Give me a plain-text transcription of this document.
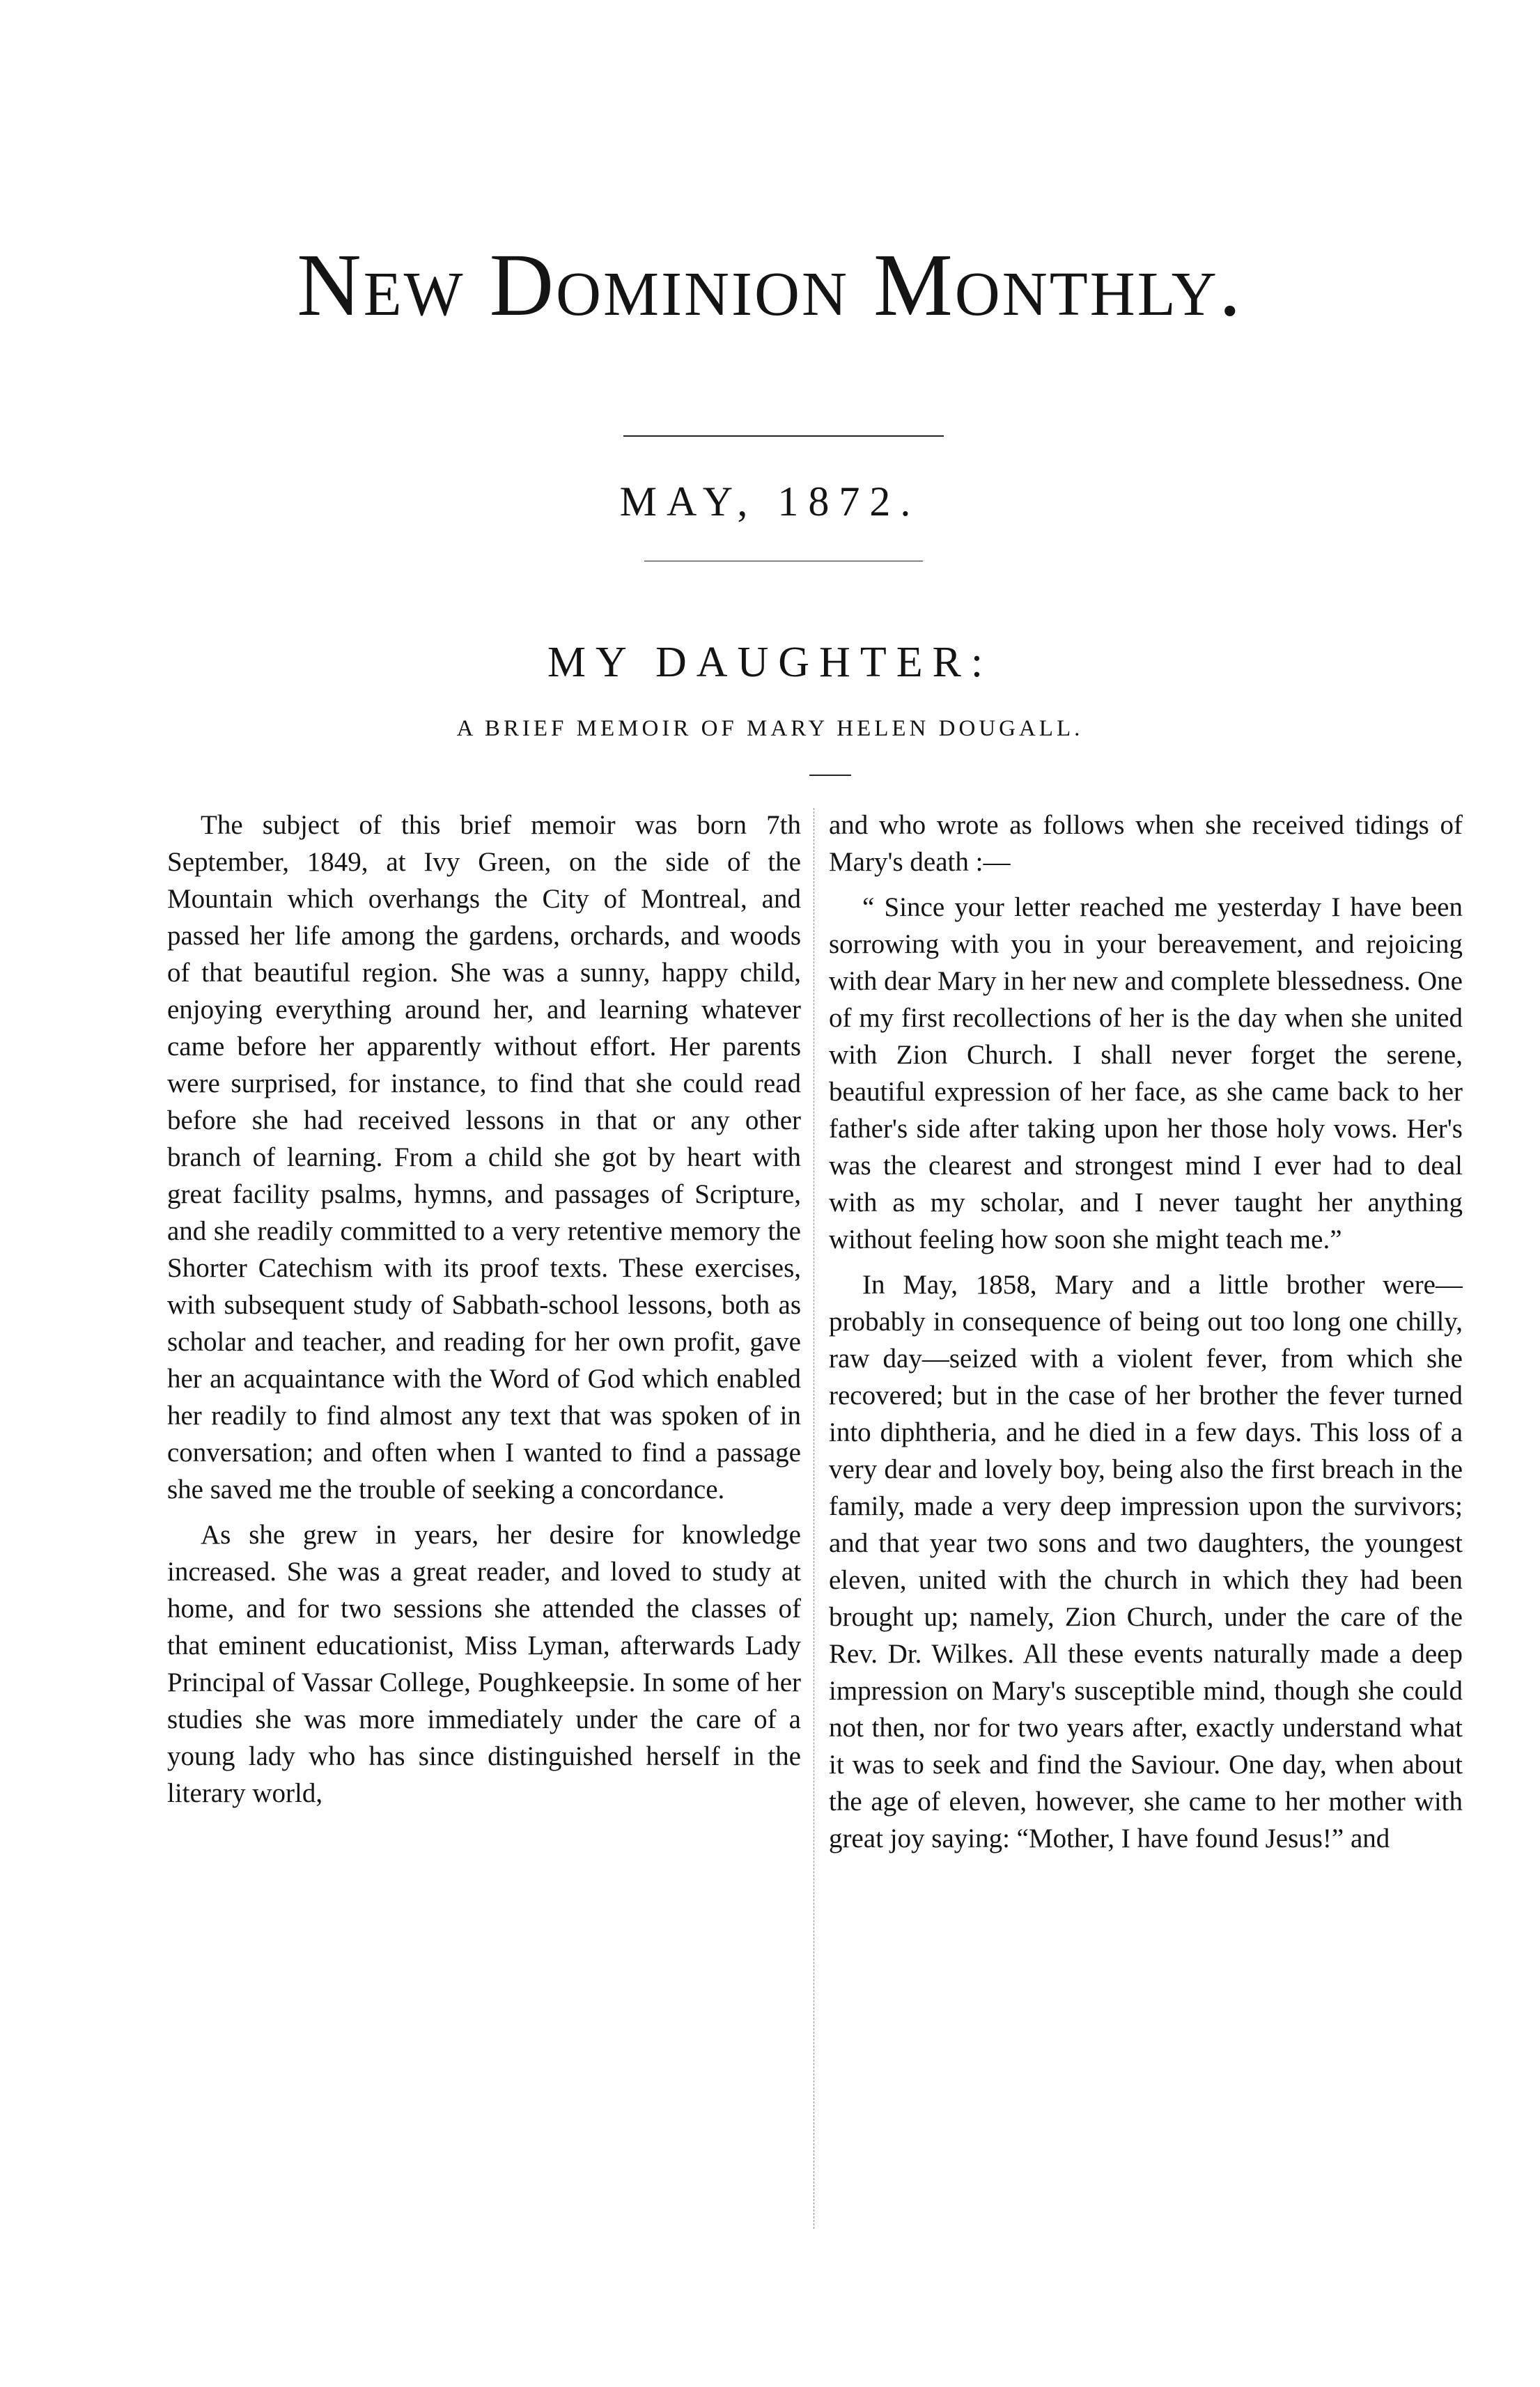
New Dominion Monthly.
MAY, 1872.
MY DAUGHTER:
A BRIEF MEMOIR OF MARY HELEN DOUGALL.

The subject of this brief memoir was born 7th September, 1849, at Ivy Green, on the side of the Mountain which overhangs the City of Montreal, and passed her life among the gardens, orchards, and woods of that beautiful region. She was a sunny, happy child, enjoying everything around her, and learning whatever came before her apparently without effort. Her parents were surprised, for instance, to find that she could read before she had received lessons in that or any other branch of learning. From a child she got by heart with great facility psalms, hymns, and passages of Scripture, and she readily committed to a very retentive memory the Shorter Catechism with its proof texts. These exercises, with subsequent study of Sabbath-school lessons, both as scholar and teacher, and reading for her own profit, gave her an acquaintance with the Word of God which enabled her readily to find almost any text that was spoken of in conversation; and often when I wanted to find a passage she saved me the trouble of seeking a concordance.

As she grew in years, her desire for knowledge increased. She was a great reader, and loved to study at home, and for two sessions she attended the classes of that eminent educationist, Miss Lyman, afterwards Lady Principal of Vassar College, Poughkeepsie. In some of her studies she was more immediately under the care of a young lady who has since distinguished herself in the literary world,

and who wrote as follows when she received tidings of Mary's death :—

“ Since your letter reached me yesterday I have been sorrowing with you in your bereavement, and rejoicing with dear Mary in her new and complete blessedness. One of my first recollections of her is the day when she united with Zion Church. I shall never forget the serene, beautiful expression of her face, as she came back to her father's side after taking upon her those holy vows. Her's was the clearest and strongest mind I ever had to deal with as my scholar, and I never taught her anything without feeling how soon she might teach me.”

In May, 1858, Mary and a little brother were—probably in consequence of being out too long one chilly, raw day—seized with a violent fever, from which she recovered; but in the case of her brother the fever turned into diphtheria, and he died in a few days. This loss of a very dear and lovely boy, being also the first breach in the family, made a very deep impression upon the survivors; and that year two sons and two daughters, the youngest eleven, united with the church in which they had been brought up; namely, Zion Church, under the care of the Rev. Dr. Wilkes. All these events naturally made a deep impression on Mary's susceptible mind, though she could not then, nor for two years after, exactly understand what it was to seek and find the Saviour. One day, when about the age of eleven, however, she came to her mother with great joy saying: “Mother, I have found Jesus!” and
